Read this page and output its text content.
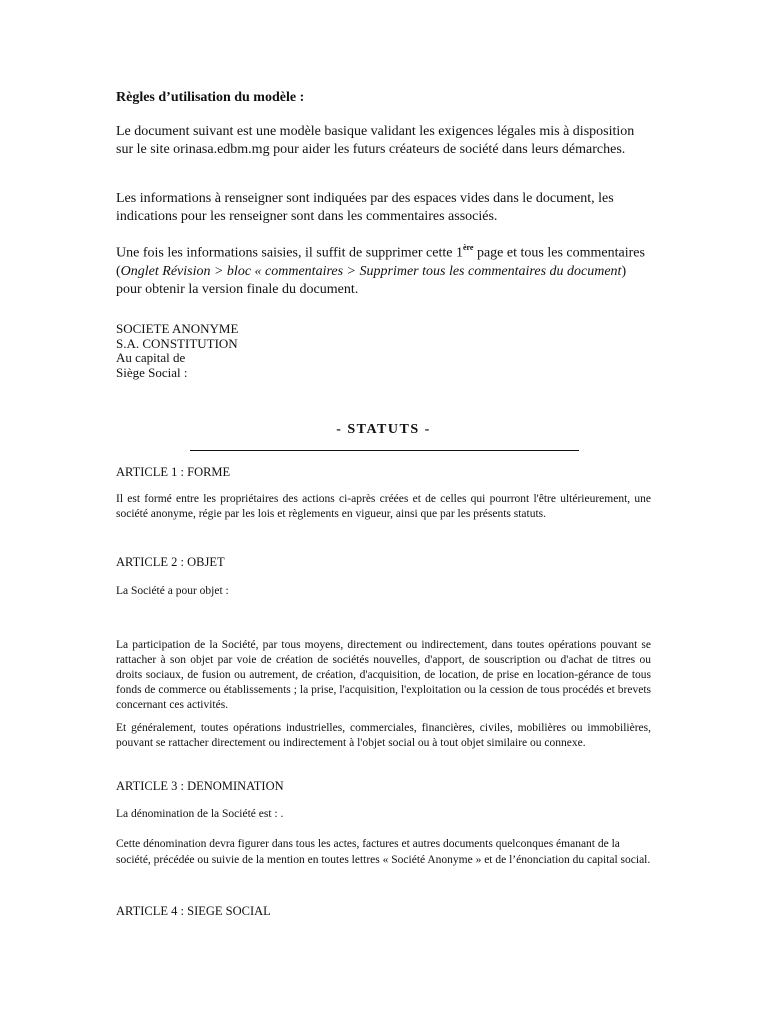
Règles d’utilisation du modèle :

Le document suivant est une modèle basique validant les exigences légales mis à disposition sur le site orinasa.edbm.mg pour aider les futurs créateurs de société dans leurs démarches.

Les informations à renseigner sont indiquées par des espaces vides dans le document, les indications pour les renseigner sont dans les commentaires associés.

Une fois les informations saisies, il suffit de supprimer cette 1ère page et tous les commentaires (Onglet Révision > bloc « commentaires > Supprimer tous les commentaires du document) pour obtenir la version finale du document.

SOCIETE ANONYME
S.A. CONSTITUTION
Au capital de
Siège Social :
- STATUTS -

ARTICLE 1 : FORME

Il est formé entre les propriétaires des actions ci-après créées et de celles qui pourront l'être ultérieurement, une société anonyme, régie par les lois et règlements en vigueur, ainsi que par les présents statuts.

ARTICLE 2 : OBJET

La Société a pour objet :

La participation de la Société, par tous moyens, directement ou indirectement, dans toutes opérations pouvant se rattacher à son objet par voie de création de sociétés nouvelles, d'apport, de souscription ou d'achat de titres ou droits sociaux, de fusion ou autrement, de création, d'acquisition, de location, de prise en location-gérance de tous fonds de commerce ou établissements ; la prise, l'acquisition, l'exploitation ou la cession de tous procédés et brevets concernant ces activités.

Et généralement, toutes opérations industrielles, commerciales, financières, civiles, mobilières ou immobilières, pouvant se rattacher directement ou indirectement à l'objet social ou à tout objet similaire ou connexe.

ARTICLE 3 : DENOMINATION

La dénomination de la Société est : .

Cette dénomination devra figurer dans tous les actes, factures et autres documents quelconques émanant de la société, précédée ou suivie de la mention en toutes lettres « Société Anonyme » et de l’énonciation du capital social.

ARTICLE 4 : SIEGE SOCIAL
